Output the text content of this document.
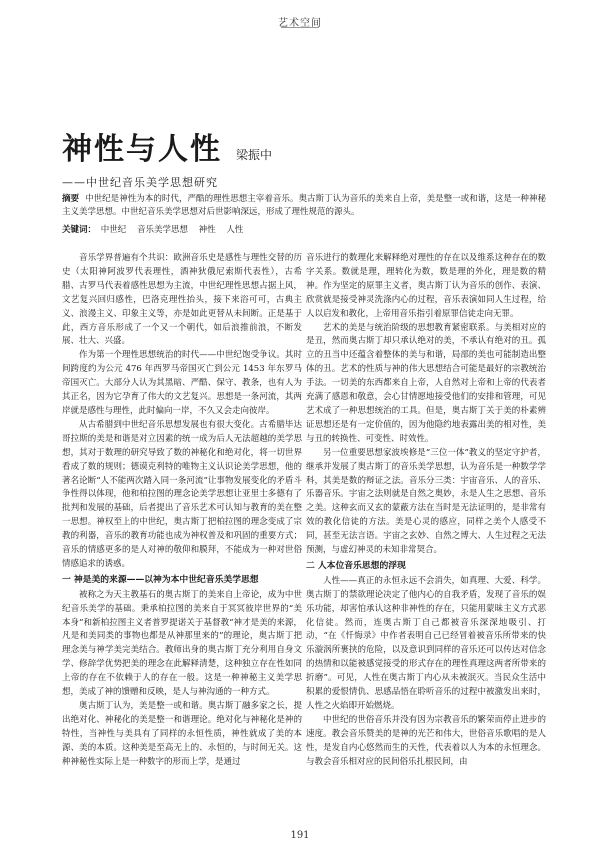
艺术空间
神性与人性 梁振中
——中世纪音乐美学思想研究
摘要 中世纪是神性为本的时代，严酷的理性思想主宰着音乐。奥古斯丁认为音乐的美来自上帝，美是整一或和谐，这是一种神秘主义美学思想。中世纪音乐美学思想对后世影响深远，形成了理性规范的源头。
关键词： 中世纪 音乐美学思想 神性 人性

音乐学界普遍有个共识：欧洲音乐史是感性与理性交替的历史（太阳神阿波罗代表理性，酒神狄俄尼索斯代表性），古希腊、古罗马代表着感性思想为主流，中世纪理性思想占据上风，文艺复兴回归感性，巴洛克理性抬头，接下来浴可可，古典主义、浪漫主义、印象主义等，亦是如此更替从未间断。正是基于此，西方音乐形成了一个又一个朝代，如后浪推前浪，不断发展、壮大、兴盛。

作为第一个理性思想统治的时代——中世纪饱受争议。其时间跨度约为公元 476 年西罗马帝国灭亡到公元 1453 年东罗马帝国灭亡。大部分人认为其黑暗、严酷、保守、教条，也有人为其正名，因为它孕育了伟大的文艺复兴。思想是一条河流，其两岸就是感性与理性，此时偏向一岸，不久又会走向彼岸。

从古希腊到中世纪音乐思想发展也有很大变化。古希腊毕达哥拉斯的美是和谐是对立因素的统一成为后人无法超越的美学思想，其对于数理的研究导致了数的神秘化和绝对化，将一切世界看成了数的规则；德谟克利特的唯物主义认识论美学思想，他的著名论断“人不能两次踏入同一条河流”让事物发展变化的矛盾斗争性得以体现，他和柏拉图的理念论美学思想让亚里士多德有了批判和发展的基础，后者提出了音乐艺术可认知与教育的美在整一思想。神权至上的中世纪，奥古斯丁把柏拉图的理念变成了宗教的利器，音乐的教育功能也成为神权普及和巩固的重要方式；音乐的情感更多的是人对神的敬仰和膜拜，不能成为一种对世俗情感追求的诱惑。

一 神是美的来源——以神为本中世纪音乐美学思想

被称之为天主教基石的奥古斯丁的美来自上帝论，成为中世纪音乐美学的基础。秉承柏拉图的美来自于冥冥彼岸世界的“美本身”和新柏拉图主义者普罗提诺关于基督教“神才是美的来源，凡是和美同类的事物也都是从神那里来的”的理论，奥古斯丁把理念美与神学美完美结合。教师出身的奥古斯丁充分利用自身文学、修辞学优势把美的理念在此解释清楚，这种独立存在性如同上帝的存在不依赖于人的存在一般。这是一种神秘主义美学思想，美成了神的馈赠和反映，是人与神沟通的一种方式。

奥古斯丁认为，美是整一或和谐。奥古斯丁融多家之长，提出绝对化、神秘化的美是整一和谐理论。绝对化与神秘化是神的特性，当神性与美具有了同样的永恒性质，神性就成了美的本源、美的本质。这种美是至高无上的、永恒的，与时间无关。这种神秘性实际上是一种数字的形而上学，是通过

音乐进行的数理化来解释绝对理性的存在以及维系这种存在的数字关系。数就是理，理转化为数，数是理的外化，理是数的精神。作为坚定的原罪主义者，奥古斯丁认为音乐的创作、表演、欣赏就是接受神灵洗涤内心的过程，音乐表演如同人生过程，给人以启发和教化，上帝用音乐指引着原罪信徒走向无罪。

艺术的美是与统治阶级的思想教育紧密联系。与美相对应的是丑，然而奥古斯丁却只承认绝对的美，不承认有绝对的丑。孤立的丑当中还蕴含着整体的美与和谐，局部的美也可能制造出整体的丑。艺术的性质与神的伟大思想结合可能是最好的宗教统治手法。一切美的东西都来自上帝，人自然对上帝和上帝的代表者充满了感恩和敬意，会心甘情愿地接受他们的安排和管理，可见艺术成了一种思想统治的工具。但是，奥古斯丁关于美的朴素辨证思想还是有一定价值的，因为他隐约地表露出美的相对性，美与丑的转换性、可变性、时效性。

另一位重要思想家波埃修是“三位一体”教义的坚定守护者，继承并发展了奥古斯丁的音乐美学思想，认为音乐是一种数学学科，其美是数的辩证之法。音乐分三类：宇宙音乐、人的音乐、乐器音乐。宇宙之法则就是自然之奥妙，永是人生之思想、音乐之美。这种玄而又玄的蒙蔽方法在当时是无法证明的，是非常有效的教化信徒的方法。美是心灵的感应，同样之美个人感受不同，甚至无法言语。宇宙之玄妙、自然之博大、人生过程之无法预测，与虚幻神灵的未知非常契合。

二 人本位音乐思想的浮现

人性——真正的永恒永远不会消失，如真理、大爱、科学。奥古斯丁的禁欲理论决定了他内心的自我矛盾，发现了音乐的娱乐功能，却害怕承认这种非神性的存在，只能用蒙昧主义方式恶化信徒。然而，连奥古斯丁自己都被音乐深深地吸引、打动，“在《忏悔录》中作者表明自己已经冒着被音乐所带来的快乐漩涡所裹挟的危险，以及意识到同样的音乐还可以传达对信念的热情和以能被感觉接受的形式存在的理性真理这两者所带来的折磨”。可见，人性在奥古斯丁内心从未被泯灭。当民众生活中积累的爱恨情仇、思感品悟在聆听音乐的过程中被激发出来时，人性之火焰即开始燃烧。

中世纪的世俗音乐并没有因为宗教音乐的繁荣而停止进步的速度。教会音乐赞美的是神的光芒和伟大，世俗音乐歌唱的是人性，是发自内心悠然而生的天性，代表着以人为本的永恒理念。与教会音乐相对应的民间俗乐扎根民间，由

191
